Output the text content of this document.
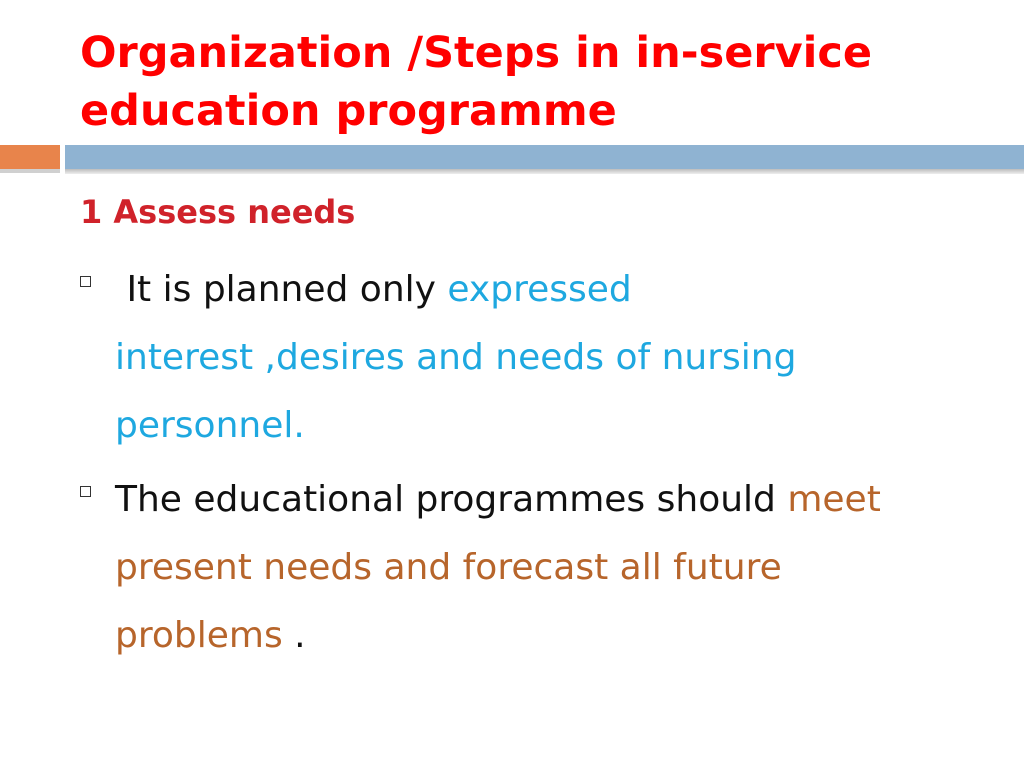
Organization /Steps in in-service
education programme
1 Assess needs
It is planned only expressed
interest ,desires and needs of nursing
personnel.
The educational programmes should meet
present needs and forecast all future
problems .
